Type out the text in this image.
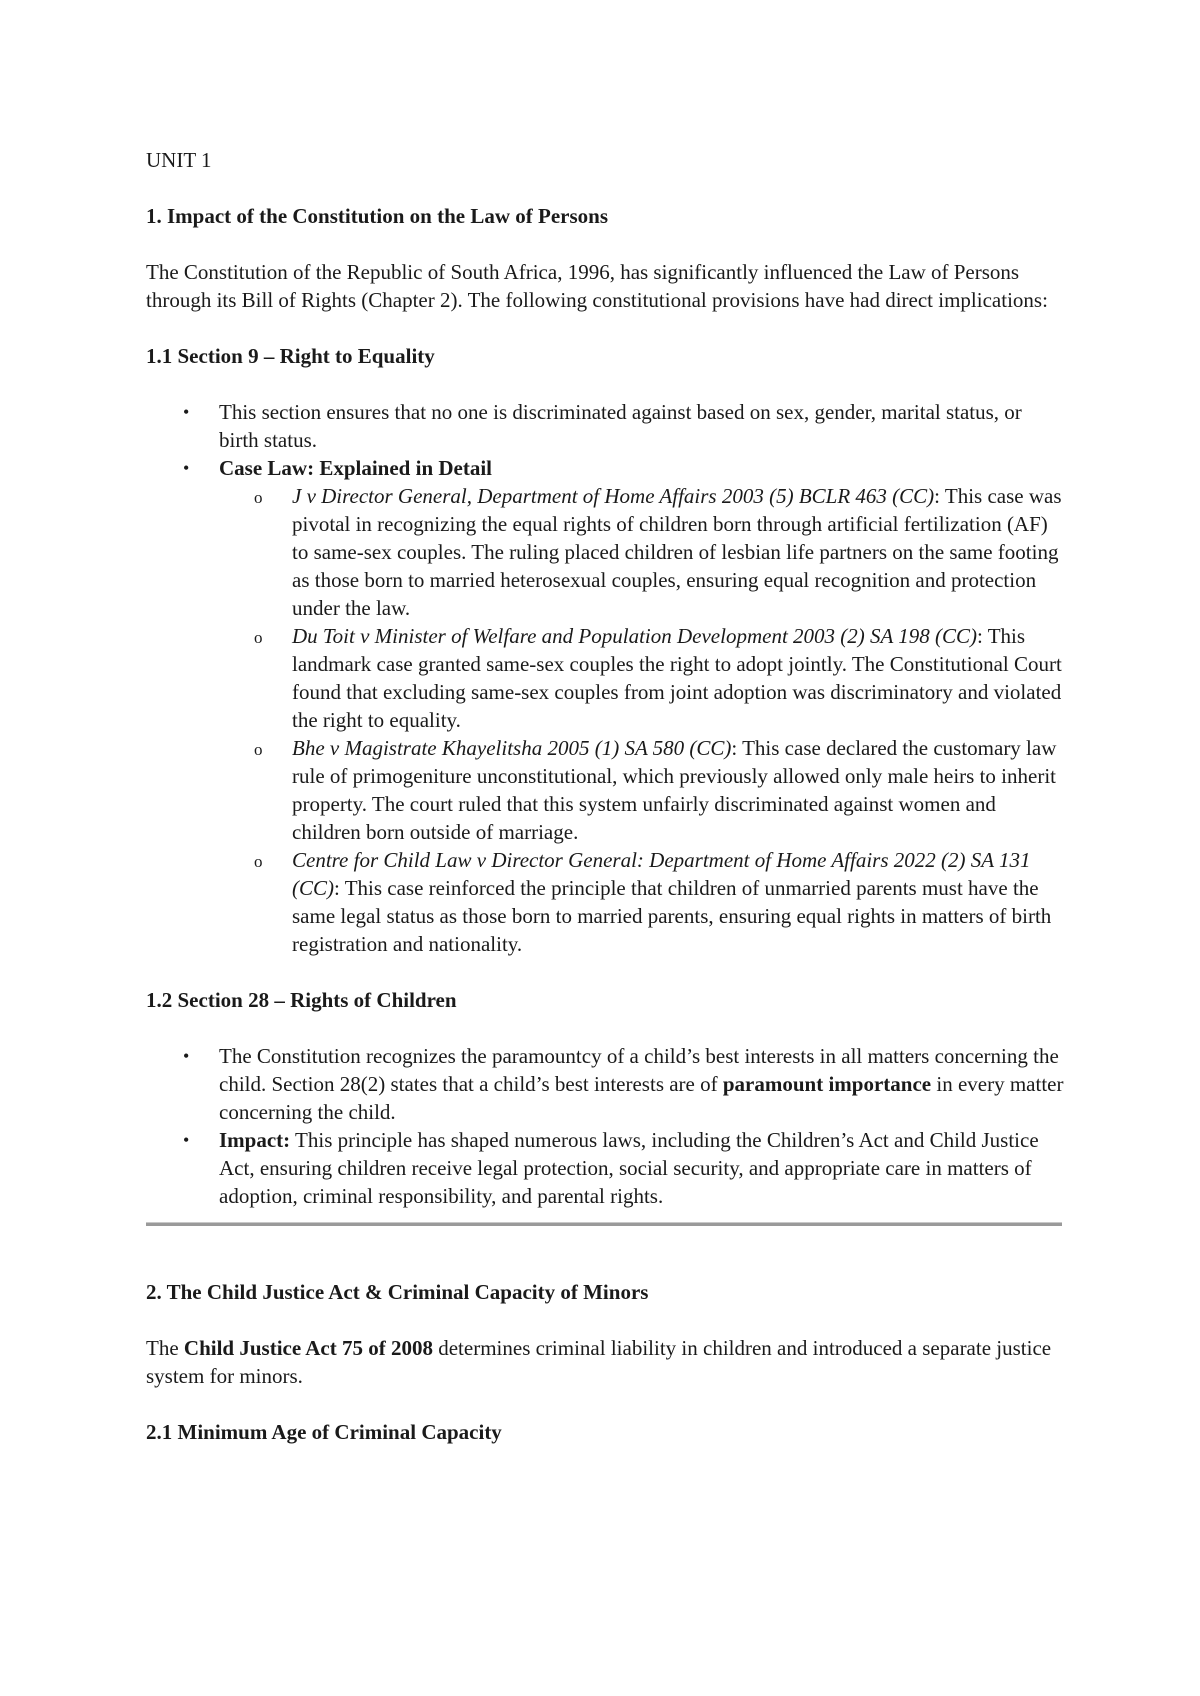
UNIT 1

1. Impact of the Constitution on the Law of Persons

The Constitution of the Republic of South Africa, 1996, has significantly influenced the Law of Persons through its Bill of Rights (Chapter 2). The following constitutional provisions have had direct implications:

1.1 Section 9 – Right to Equality
• This section ensures that no one is discriminated against based on sex, gender, marital status, or birth status.
• Case Law: Explained in Detail
o J v Director General, Department of Home Affairs 2003 (5) BCLR 463 (CC): This case was pivotal in recognizing the equal rights of children born through artificial fertilization (AF) to same-sex couples. The ruling placed children of lesbian life partners on the same footing as those born to married heterosexual couples, ensuring equal recognition and protection under the law.
o Du Toit v Minister of Welfare and Population Development 2003 (2) SA 198 (CC): This landmark case granted same-sex couples the right to adopt jointly. The Constitutional Court found that excluding same-sex couples from joint adoption was discriminatory and violated the right to equality.
o Bhe v Magistrate Khayelitsha 2005 (1) SA 580 (CC): This case declared the customary law rule of primogeniture unconstitutional, which previously allowed only male heirs to inherit property. The court ruled that this system unfairly discriminated against women and children born outside of marriage.
o Centre for Child Law v Director General: Department of Home Affairs 2022 (2) SA 131 (CC): This case reinforced the principle that children of unmarried parents must have the same legal status as those born to married parents, ensuring equal rights in matters of birth registration and nationality.
1.2 Section 28 – Rights of Children
• The Constitution recognizes the paramountcy of a child’s best interests in all matters concerning the child. Section 28(2) states that a child’s best interests are of paramount importance in every matter concerning the child.
• Impact: This principle has shaped numerous laws, including the Children’s Act and Child Justice Act, ensuring children receive legal protection, social security, and appropriate care in matters of adoption, criminal responsibility, and parental rights.
2. The Child Justice Act & Criminal Capacity of Minors

The Child Justice Act 75 of 2008 determines criminal liability in children and introduced a separate justice system for minors.

2.1 Minimum Age of Criminal Capacity
